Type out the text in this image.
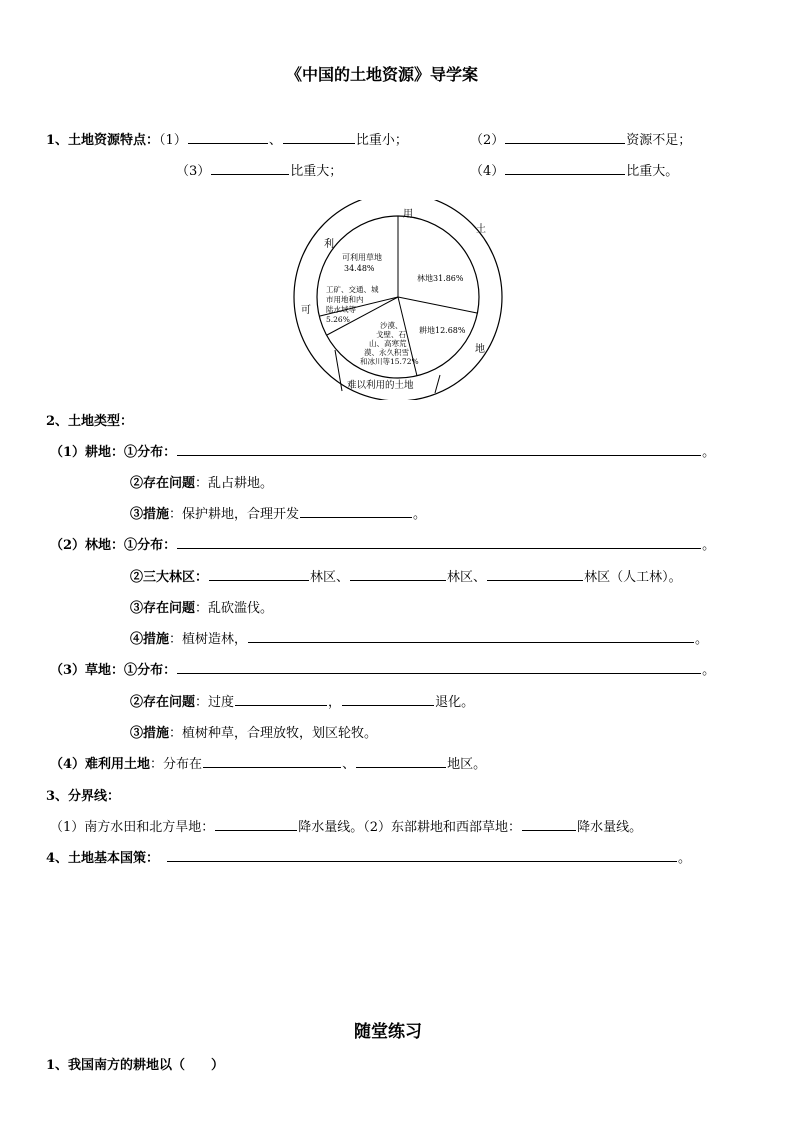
《中国的土地资源》导学案
1、土地资源特点：（1）	、	比重小；	（2）	资源不足；
（3）	比重大；	（4）	比重大。
用
土
地
利
可
难以利用的土地
林地31.86%
耕地12.68%
沙漠、
戈壁、石
山、高寒荒
漠、永久积雪
和冰川等15.72%
工矿、交通、城
市用地和内
陆水域等
5.26%
可利用草地
34.48%
2、土地类型：
（1）耕地：①分布：	。
②存在问题：乱占耕地。
③措施：保护耕地，合理开发	。
（2）林地：①分布：	。
②三大林区：	林区、	林区、	林区（人工林）。
③存在问题：乱砍滥伐。
④措施：植树造林，	。
（3）草地：①分布：	。
②存在问题：过度	，	退化。
③措施：植树种草，合理放牧，划区轮牧。
（4）难利用土地：分布在	、	地区。
3、分界线：
（1）南方水田和北方旱地：	降水量线。（2）东部耕地和西部草地：	降水量线。
4、土地基本国策：	。
随堂练习
1、我国南方的耕地以（　　）
